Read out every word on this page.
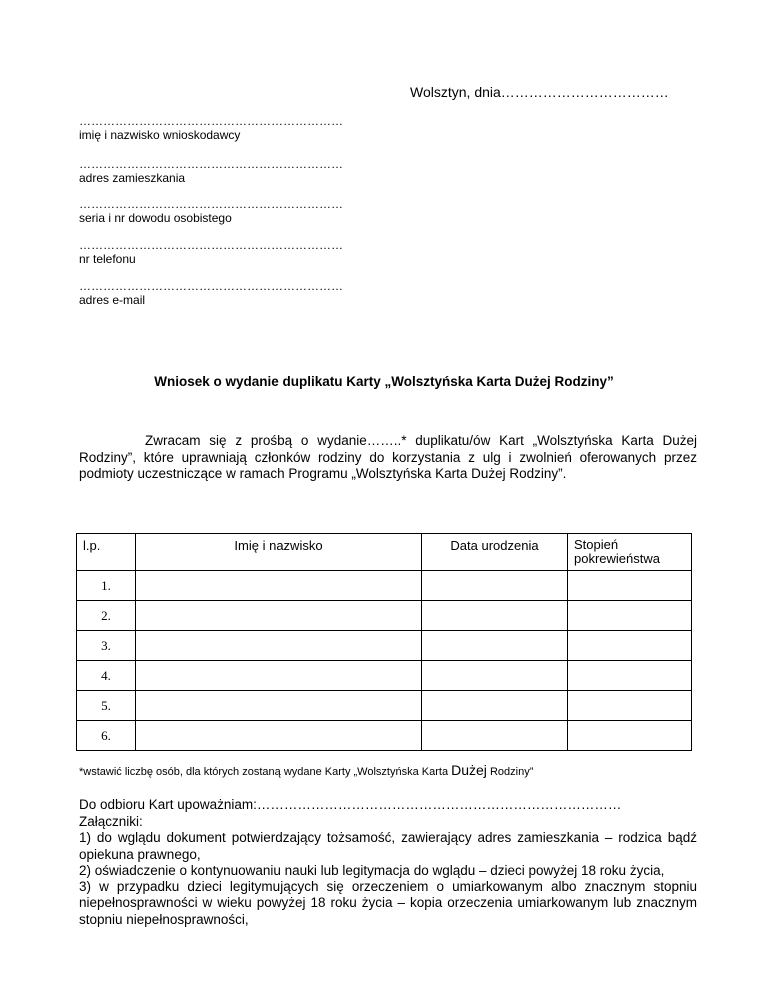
Wolsztyn, dnia………………………………
…………………………………………………………
imię i nazwisko wnioskodawcy
…………………………………………………………
adres zamieszkania
…………………………………………………………
seria i nr dowodu osobistego
…………………………………………………………
nr telefonu
…………………………………………………………
adres e-mail
Wniosek o wydanie duplikatu Karty „Wolsztyńska Karta Dużej Rodziny”
Zwracam się z prośbą o wydanie……..* duplikatu/ów Kart „Wolsztyńska Karta Dużej Rodziny”, które uprawniają członków rodziny do korzystania z ulg i zwolnień oferowanych przez podmioty uczestniczące w ramach Programu „Wolsztyńska Karta Dużej Rodziny”.
l.p.	Imię i nazwisko	Data urodzenia	Stopień pokrewieństwa
1.			
2.			
3.			
4.			
5.			
6.			
*wstawić liczbę osób, dla których zostaną wydane Karty „Wolsztyńska Karta Dużej Rodziny”
Do odbioru Kart upoważniam:………………………………………………………………………

Załączniki:

1) do wglądu dokument potwierdzający tożsamość, zawierający adres zamieszkania – rodzica bądź opiekuna prawnego,

2) oświadczenie o kontynuowaniu nauki lub legitymacja do wglądu – dzieci powyżej 18 roku życia,

3) w przypadku dzieci legitymujących się orzeczeniem o umiarkowanym albo znacznym stopniu niepełnosprawności w wieku powyżej 18 roku życia – kopia orzeczenia umiarkowanym lub znacznym stopniu niepełnosprawności,
